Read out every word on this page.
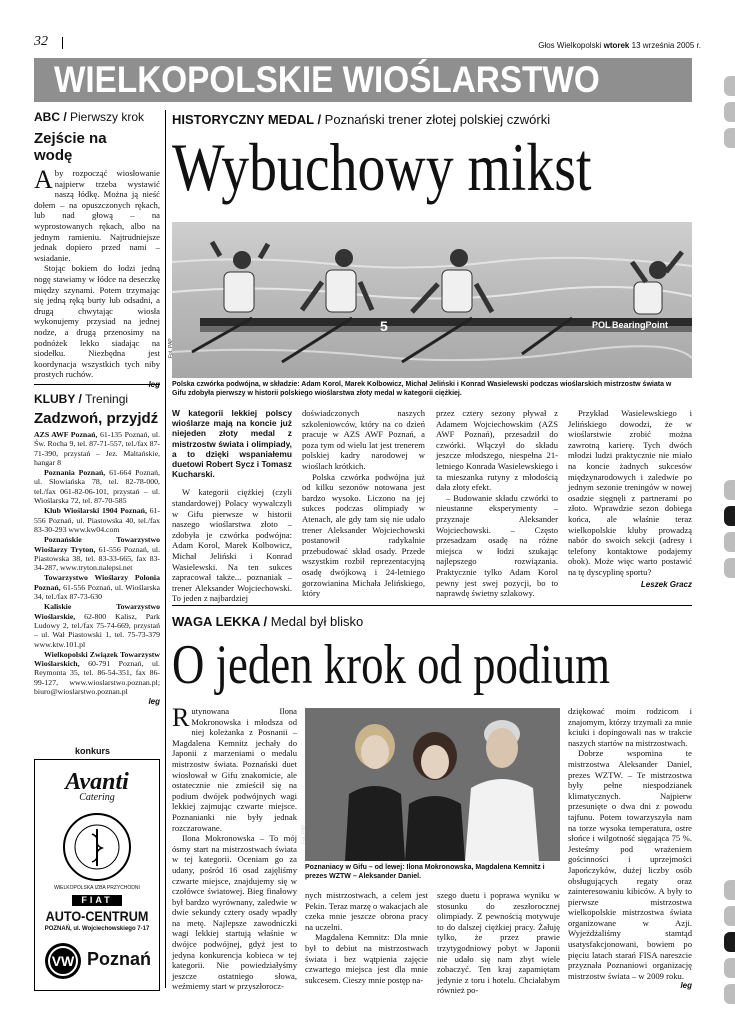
32	Głos Wielkopolski wtorek 13 września 2005 r.
WIELKOPOLSKIE WIOŚLARSTWO
ABC / Pierwszy krok
Zejście na wodę

Aby rozpocząć wiosłowanie najpierw trzeba wystawić naszą łódkę. Można ją nieść dołem – na opuszczonych rękach, lub nad głową – na wyprostowanych rękach, albo na jednym ramieniu. Najtrudniejsze jednak dopiero przed nami – wsiadanie.

Stojąc bokiem do łodzi jedną nogę stawiamy w łódce na deseczkę między szynami. Potem trzymając się jedną ręką burty łub odsadni, a drugą chwytając wiosła wykonujemy przysiad na jednej nodze, a drugą przenosimy na podnóżek lekko siadając na siodełku. Niezbędna jest koordynacja wszystkich tych niby prostych ruchów.

KLUBY / Treningi
Zadzwoń, przyjdź

AZS AWF Poznań, 61-135 Poznań, ul. Św. Rocha 9, tel. 87-71-557, tel./fax 87-71-390, przystań – Jez. Maltańskie, hangar 8

Poznania Poznań, 61-664 Poznań, ul. Słowiańska 78, tel. 82-78-000, tel./fax 061-82-06-101, przystań – ul. Wioślarska 72, tel. 87-70-585

Klub Wioślarski 1904 Poznań, 61-556 Poznań, ul. Piastowska 40, tel./fax 83-30-293 www.kw04.com

Poznańskie Towarzystwo Wioślarzy Tryton, 61-556 Poznań, ul. Piastowska 38, tel. 83-33-665, fax 83-34-287, www.tryton.nalepsi.net

Towarzystwo Wioślarzy Polonia Poznań, 61-556 Poznań, ul. Wioślarska 34, tel./fax 87-73-630

Kaliskie Towarzystwo Wioślarskie, 62-800 Kalisz, Park Ludowy 2, tel./fax 75-74-669, przystań – ul. Wał Piastowski 1, tel. 75-73-379 www.ktw.101.pl

Wielkopolski Związek Towarzystw Wioślarskich, 60-791 Poznań, ul. Reymonta 35, tel. 86-54-351, fax 86-99-127, www.wioslarstwo.poznan.pl; biuro@wioslarstwo.poznan.pl

leg
konkurs
Avanti
Catering
WIELKOPOLSKA IZBA PRZYCHODNI
FIAT
AUTO-CENTRUM
POZNAŃ, ul. Wojciechowskiego 7-17
VW Poznań
HISTORYCZNY MEDAL / Poznański trener złotej polskiej czwórki
Wybuchowy mikst
5	POL BearingPoint
Fot. PAP
Polska czwórka podwójna, w składzie: Adam Korol, Marek Kolbowicz, Michał Jeliński i Konrad Wasielewski podczas wioślarskich mistrzostw świata w Gifu zdobyła pierwszy w historii polskiego wioślarstwa złoty medal w kategorii ciężkiej.

W kategorii lekkiej polscy wioślarze mają na koncie już niejeden złoty medal z mistrzostw świata i olimpiady, a to dzięki wspaniałemu duetowi Robert Sycz i Tomasz Kucharski.

W kategorii ciężkiej (czyli standardowej) Polacy wywalczyli w Gifu pierwsze w historii naszego wioślarstwa złoto – zdobyła je czwórka podwójna: Adam Korol, Marek Kolbowicz, Michał Jeliński i Konrad Wasielewski. Na ten sukces zapracował także... poznaniak – trener Aleksander Wojciechowski. To jeden z najbardziej

doświadczonych naszych szkoleniowców, który na co dzień pracuje w AZS AWF Poznań, a poza tym od wielu lat jest trenerem polskiej kadry narodowej w wioślach krótkich.

Polska czwórka podwójna już od kilku sezonów notowana jest bardzo wysoko. Liczono na jej sukces podczas olimpiady w Atenach, ale gdy tam się nie udało trener Aleksander Wojciechowski postanowił radykalnie przebudować skład osady. Przede wszystkim rozbił reprezentacyjną osadę dwójkową i 24-letniego gorzowianina Michała Jelińskiego, który

przez cztery sezony pływał z Adamem Wojciechowskim (AZS AWF Poznań), przesadził do czwórki. Włączył do składu jeszcze młodszego, niespełna 21-letniego Konrada Wasielewskiego i ta mieszanka rutyny z młodością dała złoty efekt.

– Budowanie składu czwórki to nieustanne eksperymenty – przyznaje Aleksander Wojciechowski. – Często przesadzam osadę na różne miejsca w łodzi szukając najlepszego rozwiązania. Praktycznie tylko Adam Korol pewny jest swej pozycji, bo to naprawdę świetny szlakowy.

Przykład Wasielewskiego i Jelińskiego dowodzi, że w wioślarstwie zrobić można zawrotną karierę. Tych dwóch młodzi ludzi praktycznie nie miało na koncie żadnych sukcesów międzynarodowych i zaledwie po jednym sezonie treningów w nowej osadzie sięgnęli z partnerami po złoto. Wprawdzie sezon dobiega końca, ale właśnie teraz wielkopolskie kluby prowadzą nabór do swoich sekcji (adresy i telefony kontaktowe podajemy obok). Może więc warto postawić na tę dyscyplinę sportu?

Leszek Gracz
WAGA LEKKA / Medal był blisko
O jeden krok od podium

Rutynowana Ilona Mokronowska i młodsza od niej koleżanka z Posnanii – Magdalena Kemnitz jechały do Japonii z marzeniami o medalu mistrzostw świata. Poznański duet wiosłował w Gifu znakomicie, ale ostatecznie nie zmieścił się na podium dwójek podwójnych wagi lekkiej zajmując czwarte miejsce. Poznanianki nie były jednak rozczarowane.

Ilona Mokronowska – To mój ósmy start na mistrzostwach świata w tej kategorii. Oceniam go za udany, pośród 16 osad zajęliśmy czwarte miejsce, znajdujemy się w czołówce światowej. Bieg finałowy był bardzo wyrównany, zaledwie w dwie sekundy cztery osady wpadły na metę. Najlepsze zawodniczki wagi lekkiej startują właśnie w dwójce podwójnej, gdyż jest to jedyna konkurencja kobieca w tej kategorii. Nie powiedziałyśmy jeszcze ostatniego słowa, weźmiemy start w przyszłorocz-

Fot. PAP
Poznaniacy w Gifu – od lewej: Ilona Mokronowska, Magdalena Kemnitz i prezes WZTW – Aleksander Daniel.

nych mistrzostwach, a celem jest Pekin. Teraz marzę o wakacjach ale czeka mnie jeszcze obrona pracy na uczelni.

Magdalena Kemnitz: Dla mnie był to debiut na mistrzostwach świata i bez wątpienia zajęcie czwartego miejsca jest dla mnie sukcesem. Cieszy mnie postęp na-

szego duetu i poprawa wyniku w stosunku do zeszłorocznej olimpiady. Z pewnością motywuje to do dalszej ciężkiej pracy. Żałuję tylko, że przez prawie trzytygodniowy pobyt w Japonii nie udało się nam zbyt wiele zobaczyć. Ten kraj zapamiętam jedynie z toru i hotelu. Chciałabym również po-

dziękować moim rodzicom i znajomym, którzy trzymali za mnie kciuki i dopingowali nas w trakcie naszych startów na mistrzostwach.

Dobrze wspomina te mistrzostwa Aleksander Daniel, prezes WZTW. – Te mistrzostwa były pełne niespodzianek klimatycznych. Najpierw przesunięte o dwa dni z powodu tajfunu. Potem towarzyszyła nam na torze wysoka temperatura, ostre słońce i wilgotność sięgająca 75 %. Jesteśmy pod wrażeniem gościnności i uprzejmości Japończyków, dużej liczby osób obsługujących regaty oraz zainteresowaniu kibiców. A były to pierwsze mistrzostwa wielkopolskie mistrzostwa świata organizowane w Azji. Wyjeżdżaliśmy stamtąd usatysfakcjonowani, bowiem po pięciu latach starań FISA nareszcie przyznała Poznaniowi organizację mistrzostw świata – w 2009 roku.

leg
